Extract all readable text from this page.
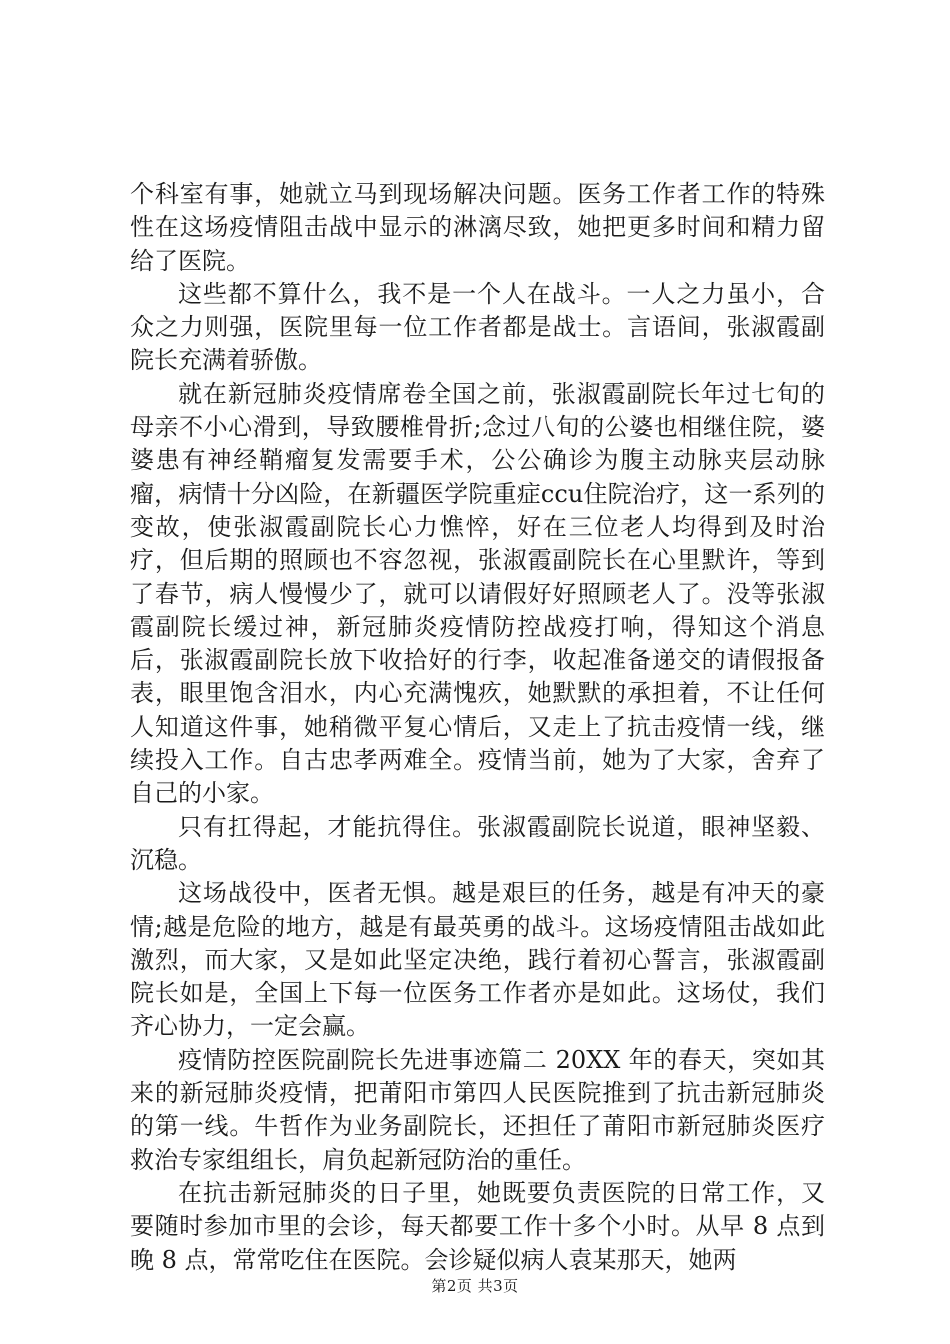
个科室有事，她就立马到现场解决问题。医务工作者工作的特殊性在这场疫情阻击战中显示的淋漓尽致，她把更多时间和精力留给了医院。

这些都不算什么，我不是一个人在战斗。一人之力虽小，合众之力则强，医院里每一位工作者都是战士。言语间，张淑霞副院长充满着骄傲。

就在新冠肺炎疫情席卷全国之前，张淑霞副院长年过七旬的母亲不小心滑到，导致腰椎骨折;念过八旬的公婆也相继住院，婆婆患有神经鞘瘤复发需要手术，公公确诊为腹主动脉夹层动脉瘤，病情十分凶险，在新疆医学院重症ccu住院治疗，这一系列的变故，使张淑霞副院长心力憔悴，好在三位老人均得到及时治疗，但后期的照顾也不容忽视，张淑霞副院长在心里默许，等到了春节，病人慢慢少了，就可以请假好好照顾老人了。没等张淑霞副院长缓过神，新冠肺炎疫情防控战疫打响，得知这个消息后，张淑霞副院长放下收拾好的行李，收起准备递交的请假报备表，眼里饱含泪水，内心充满愧疚，她默默的承担着，不让任何人知道这件事，她稍微平复心情后，又走上了抗击疫情一线，继续投入工作。自古忠孝两难全。疫情当前，她为了大家，舍弃了自己的小家。

只有扛得起，才能抗得住。张淑霞副院长说道，眼神坚毅、沉稳。

这场战役中，医者无惧。越是艰巨的任务，越是有冲天的豪情;越是危险的地方，越是有最英勇的战斗。这场疫情阻击战如此激烈，而大家，又是如此坚定决绝，践行着初心誓言，张淑霞副院长如是，全国上下每一位医务工作者亦是如此。这场仗，我们齐心协力，一定会赢。

疫情防控医院副院长先进事迹篇二 20XX 年的春天，突如其来的新冠肺炎疫情，把莆阳市第四人民医院推到了抗击新冠肺炎的第一线。牛哲作为业务副院长，还担任了莆阳市新冠肺炎医疗救治专家组组长，肩负起新冠防治的重任。

在抗击新冠肺炎的日子里，她既要负责医院的日常工作，又要随时参加市里的会诊，每天都要工作十多个小时。从早 8 点到晚 8 点，常常吃住在医院。会诊疑似病人袁某那天，她两

第2页 共3页
